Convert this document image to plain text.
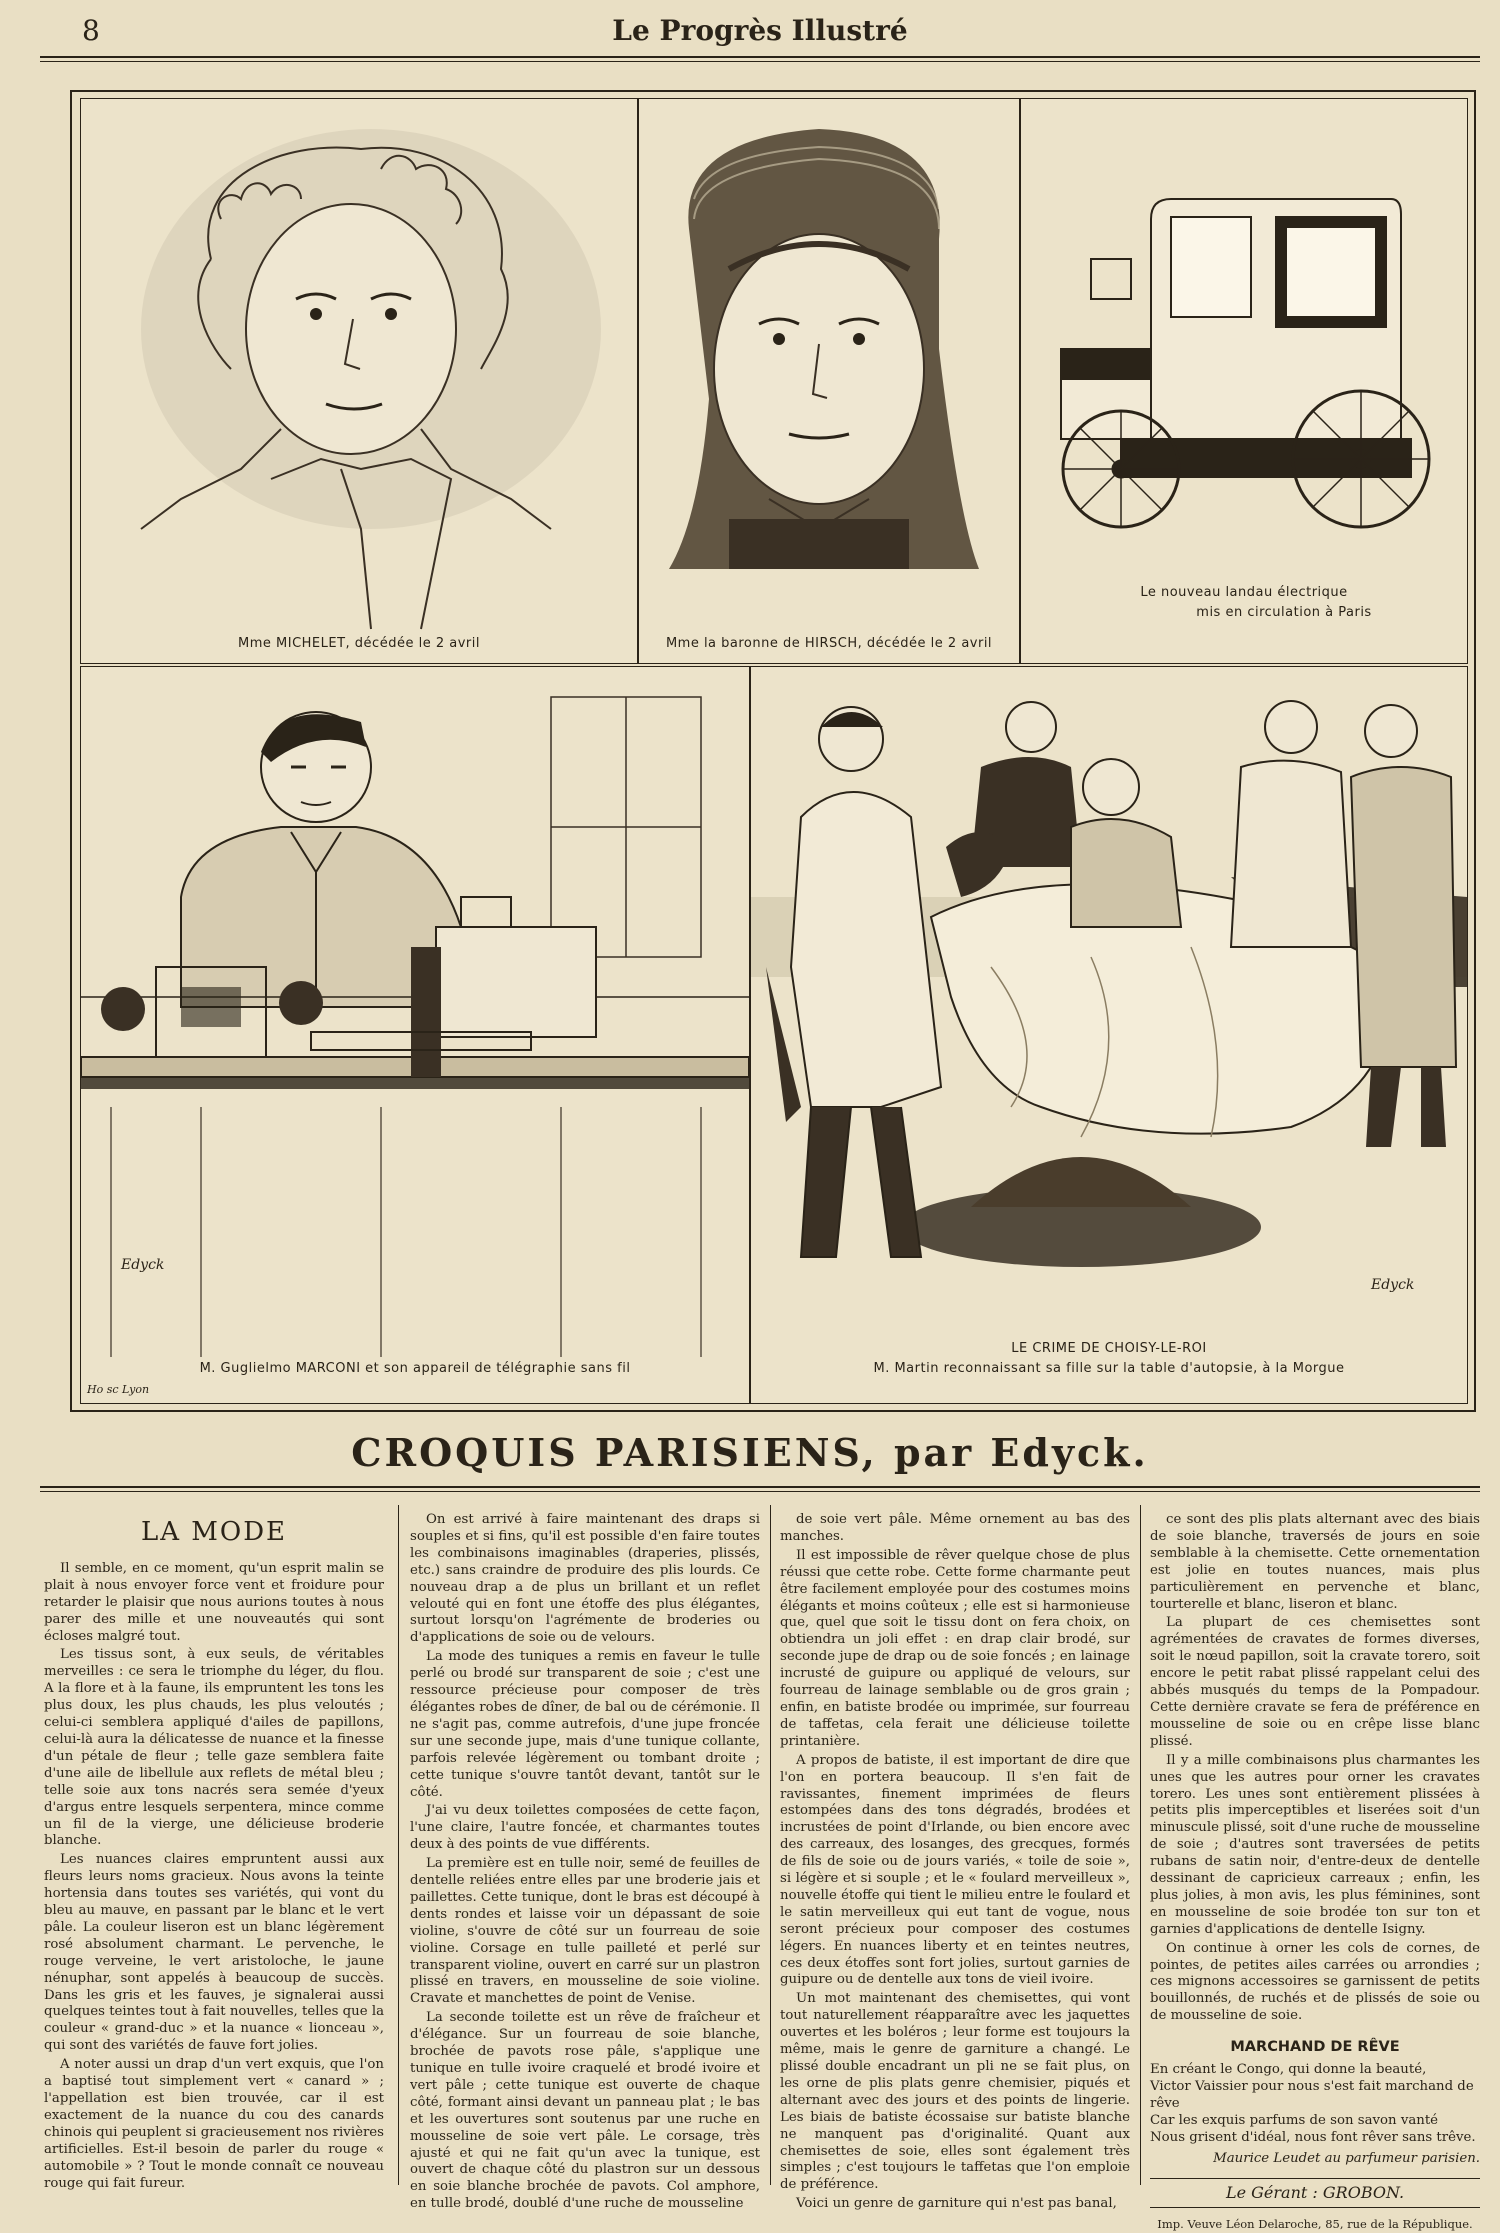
8	Le Progrès Illustré
Mme MICHELET, décédée le 2 avril	Mme la baronne de HIRSCH, décédée le 2 avril
Le nouveau landau électrique
mis en circulation à Paris
Edyck
M. Guglielmo MARCONI et son appareil de télégraphie sans fil
Ho sc Lyon
Edyck
LE CRIME DE CHOISY-LE-ROI
M. Martin reconnaissant sa fille sur la table d'autopsie, à la Morgue
CROQUIS PARISIENS, par Edyck.
LA MODE

Il semble, en ce moment, qu'un esprit malin se plait à nous envoyer force vent et froidure pour retarder le plaisir que nous aurions toutes à nous parer des mille et une nouveautés qui sont écloses malgré tout.

Les tissus sont, à eux seuls, de véritables merveilles : ce sera le triomphe du léger, du flou. A la flore et à la faune, ils empruntent les tons les plus doux, les plus chauds, les plus veloutés ; celui-ci semblera appliqué d'ailes de papillons, celui-là aura la délicatesse de nuance et la finesse d'un pétale de fleur ; telle gaze semblera faite d'une aile de libellule aux reflets de métal bleu ; telle soie aux tons nacrés sera semée d'yeux d'argus entre lesquels serpentera, mince comme un fil de la vierge, une délicieuse broderie blanche.

Les nuances claires empruntent aussi aux fleurs leurs noms gracieux. Nous avons la teinte hortensia dans toutes ses variétés, qui vont du bleu au mauve, en passant par le blanc et le vert pâle. La couleur liseron est un blanc légèrement rosé absolument charmant. Le pervenche, le rouge verveine, le vert aristoloche, le jaune nénuphar, sont appelés à beaucoup de succès. Dans les gris et les fauves, je signalerai aussi quelques teintes tout à fait nouvelles, telles que la couleur « grand-duc » et la nuance « lionceau », qui sont des variétés de fauve fort jolies.

A noter aussi un drap d'un vert exquis, que l'on a baptisé tout simplement vert « canard » ; l'appellation est bien trouvée, car il est exactement de la nuance du cou des canards chinois qui peuplent si gracieusement nos rivières artificielles. Est-il besoin de parler du rouge « automobile » ? Tout le monde connaît ce nouveau rouge qui fait fureur.

On est arrivé à faire maintenant des draps si souples et si fins, qu'il est possible d'en faire toutes les combinaisons imaginables (draperies, plissés, etc.) sans craindre de produire des plis lourds. Ce nouveau drap a de plus un brillant et un reflet velouté qui en font une étoffe des plus élégantes, surtout lorsqu'on l'agrémente de broderies ou d'applications de soie ou de velours.

La mode des tuniques a remis en faveur le tulle perlé ou brodé sur transparent de soie ; c'est une ressource précieuse pour composer de très élégantes robes de dîner, de bal ou de cérémonie. Il ne s'agit pas, comme autrefois, d'une jupe froncée sur une seconde jupe, mais d'une tunique collante, parfois relevée légèrement ou tombant droite ; cette tunique s'ouvre tantôt devant, tantôt sur le côté.

J'ai vu deux toilettes composées de cette façon, l'une claire, l'autre foncée, et charmantes toutes deux à des points de vue différents.

La première est en tulle noir, semé de feuilles de dentelle reliées entre elles par une broderie jais et paillettes. Cette tunique, dont le bras est découpé à dents rondes et laisse voir un dépassant de soie violine, s'ouvre de côté sur un fourreau de soie violine. Corsage en tulle pailleté et perlé sur transparent violine, ouvert en carré sur un plastron plissé en travers, en mousseline de soie violine. Cravate et manchettes de point de Venise.

La seconde toilette est un rêve de fraîcheur et d'élégance. Sur un fourreau de soie blanche, brochée de pavots rose pâle, s'applique une tunique en tulle ivoire craquelé et brodé ivoire et vert pâle ; cette tunique est ouverte de chaque côté, formant ainsi devant un panneau plat ; le bas et les ouvertures sont soutenus par une ruche en mousseline de soie vert pâle. Le corsage, très ajusté et qui ne fait qu'un avec la tunique, est ouvert de chaque côté du plastron sur un dessous en soie blanche brochée de pavots. Col amphore, en tulle brodé, doublé d'une ruche de mousseline

de soie vert pâle. Même ornement au bas des manches.

Il est impossible de rêver quelque chose de plus réussi que cette robe. Cette forme charmante peut être facilement employée pour des costumes moins élégants et moins coûteux ; elle est si harmonieuse que, quel que soit le tissu dont on fera choix, on obtiendra un joli effet : en drap clair brodé, sur seconde jupe de drap ou de soie foncés ; en lainage incrusté de guipure ou appliqué de velours, sur fourreau de lainage semblable ou de gros grain ; enfin, en batiste brodée ou imprimée, sur fourreau de taffetas, cela ferait une délicieuse toilette printanière.

A propos de batiste, il est important de dire que l'on en portera beaucoup. Il s'en fait de ravissantes, finement imprimées de fleurs estompées dans des tons dégradés, brodées et incrustées de point d'Irlande, ou bien encore avec des carreaux, des losanges, des grecques, formés de fils de soie ou de jours variés, « toile de soie », si légère et si souple ; et le « foulard merveilleux », nouvelle étoffe qui tient le milieu entre le foulard et le satin merveilleux qui eut tant de vogue, nous seront précieux pour composer des costumes légers. En nuances liberty et en teintes neutres, ces deux étoffes sont fort jolies, surtout garnies de guipure ou de dentelle aux tons de vieil ivoire.

Un mot maintenant des chemisettes, qui vont tout naturellement réapparaître avec les jaquettes ouvertes et les boléros ; leur forme est toujours la même, mais le genre de garniture a changé. Le plissé double encadrant un pli ne se fait plus, on les orne de plis plats genre chemisier, piqués et alternant avec des jours et des points de lingerie. Les biais de batiste écossaise sur batiste blanche ne manquent pas d'originalité. Quant aux chemisettes de soie, elles sont également très simples ; c'est toujours le taffetas que l'on emploie de préférence.

Voici un genre de garniture qui n'est pas banal,

ce sont des plis plats alternant avec des biais de soie blanche, traversés de jours en soie semblable à la chemisette. Cette ornementation est jolie en toutes nuances, mais plus particulièrement en pervenche et blanc, tourterelle et blanc, liseron et blanc.

La plupart de ces chemisettes sont agrémentées de cravates de formes diverses, soit le nœud papillon, soit la cravate torero, soit encore le petit rabat plissé rappelant celui des abbés musqués du temps de la Pompadour. Cette dernière cravate se fera de préférence en mousseline de soie ou en crêpe lisse blanc plissé.

Il y a mille combinaisons plus charmantes les unes que les autres pour orner les cravates torero. Les unes sont entièrement plissées à petits plis imperceptibles et liserées soit d'un minuscule plissé, soit d'une ruche de mousseline de soie ; d'autres sont traversées de petits rubans de satin noir, d'entre-deux de dentelle dessinant de capricieux carreaux ; enfin, les plus jolies, à mon avis, les plus féminines, sont en mousseline de soie brodée ton sur ton et garnies d'applications de dentelle Isigny.

On continue à orner les cols de cornes, de pointes, de petites ailes carrées ou arrondies ; ces mignons accessoires se garnissent de petits bouillonnés, de ruchés et de plissés de soie ou de mousseline de soie.

MARCHAND DE RÊVE

En créant le Congo, qui donne la beauté,

Victor Vaissier pour nous s'est fait marchand de rêve

Car les exquis parfums de son savon vanté

Nous grisent d'idéal, nous font rêver sans trêve.

Maurice Leudet au parfumeur parisien.

Le Gérant : GROBON.
Imp. Veuve Léon Delaroche, 85, rue de la République.
